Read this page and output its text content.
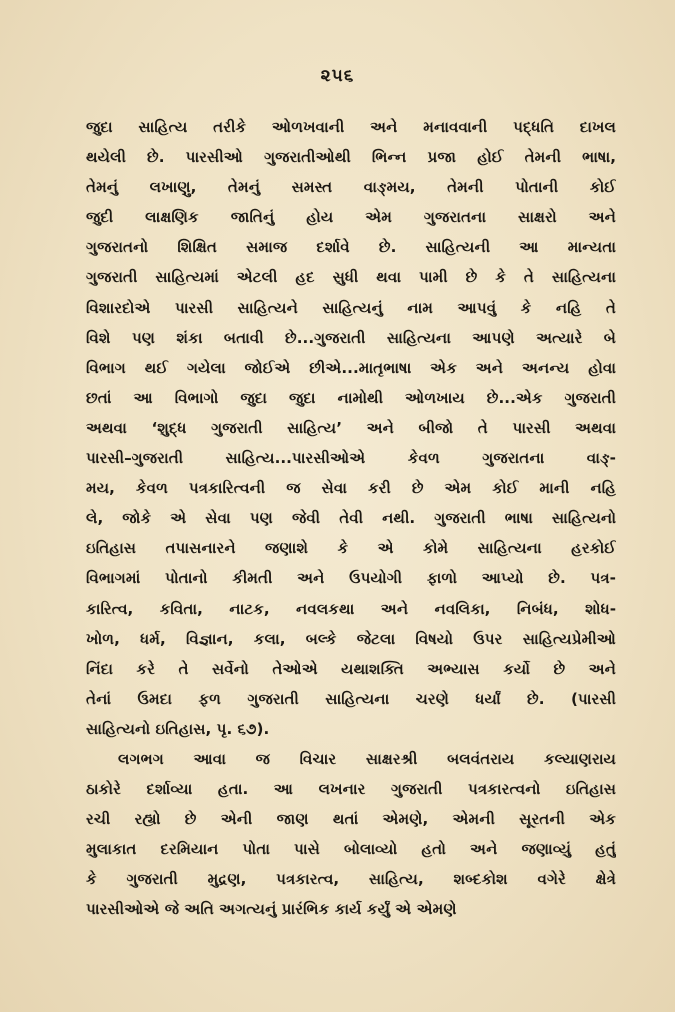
૨૫૬
જુદા સાહિત્ય તરીકે ઓળખવાની અને મનાવવાની પદ્ધતિ દાખલ
થયેલી છે. પારસીઓ ગુજરાતીઓથી ભિન્ન પ્રજા હોઈ તેમની ભાષા,
તેમનું લખાણુ, તેમનું સમસ્ત વાઙ્મય, તેમની પોતાની કોઈ
જુદી લાક્ષણિક જાતિનું હોય એમ ગુજરાતના સાક્ષરો અને
ગુજરાતનો શિક્ષિત સમાજ દર્શાવે છે. સાહિત્યની આ માન્યતા
ગુજરાતી સાહિત્યમાં એટલી હદ સુધી થવા પામી છે કે તે સાહિત્યના
વિશારદોએ પારસી સાહિત્યને સાહિત્યનું નામ આપવું કે નહિ તે
વિશે પણ શંકા બતાવી છે...ગુજરાતી સાહિત્યના આપણે અત્યારે બે
વિભાગ થઈ ગયેલા જોઈએ છીએ...માતૃભાષા એક અને અનન્ય હોવા
છતાં આ વિભાગો જુદા જુદા નામોથી ઓળખાય છે...એક ગુજરાતી
અથવા ‘શુદ્ધ ગુજરાતી સાહિત્ય’ અને બીજો તે પારસી અથવા
પારસી–ગુજરાતી સાહિત્ય...પારસીઓએ કેવળ ગુજરાતના વાઙ્-
મય, કેવળ પત્રકારિત્વની જ સેવા કરી છે એમ કોઈ માની નહિ
લે, જોકે એ સેવા પણ જેવી તેવી નથી. ગુજરાતી ભાષા સાહિત્યનો
ઇતિહાસ તપાસનારને જણાશે કે એ કોમે સાહિત્યના હરકોઈ
વિભાગમાં પોતાનો કીમતી અને ઉપયોગી ફાળો આપ્યો છે. પત્ર-
કારિત્વ, કવિતા, નાટક, નવલકથા અને નવલિકા, નિબંધ, શોધ-
ખોળ, ધર્મ, વિજ્ઞાન, કલા, બલ્કે જેટલા વિષયો ઉપર સાહિત્યપ્રેમીઓ
નિંદા કરે તે સર્વેનો તેઓએ યથાશક્તિ અભ્યાસ કર્યો છે અને
તેનાં ઉમદા ફળ ગુજરાતી સાહિત્યના ચરણે ધર્યાં છે. (પારસી
સાહિત્યનો ઇતિહાસ, પૃ. ૬૭).
લગભગ આવા જ વિચાર સાક્ષરશ્રી બલવંતરાય કલ્યાણરાય
ઠાકોરે દર્શાવ્યા હતા. આ લખનાર ગુજરાતી પત્રકારત્વનો ઇતિહાસ
રચી રહ્યો છે એની જાણ થતાં એમણે, એમની સૂરતની એક
મુલાકાત દરમિયાન પોતા પાસે બોલાવ્યો હતો અને જણાવ્યું હતું
કે ગુજરાતી મુદ્રણ, પત્રકારત્વ, સાહિત્ય, શબ્દકોશ વગેરે ક્ષેત્રે
પારસીઓએ જે અતિ અગત્યનું પ્રારંભિક કાર્ય કર્યું એ એમણે
